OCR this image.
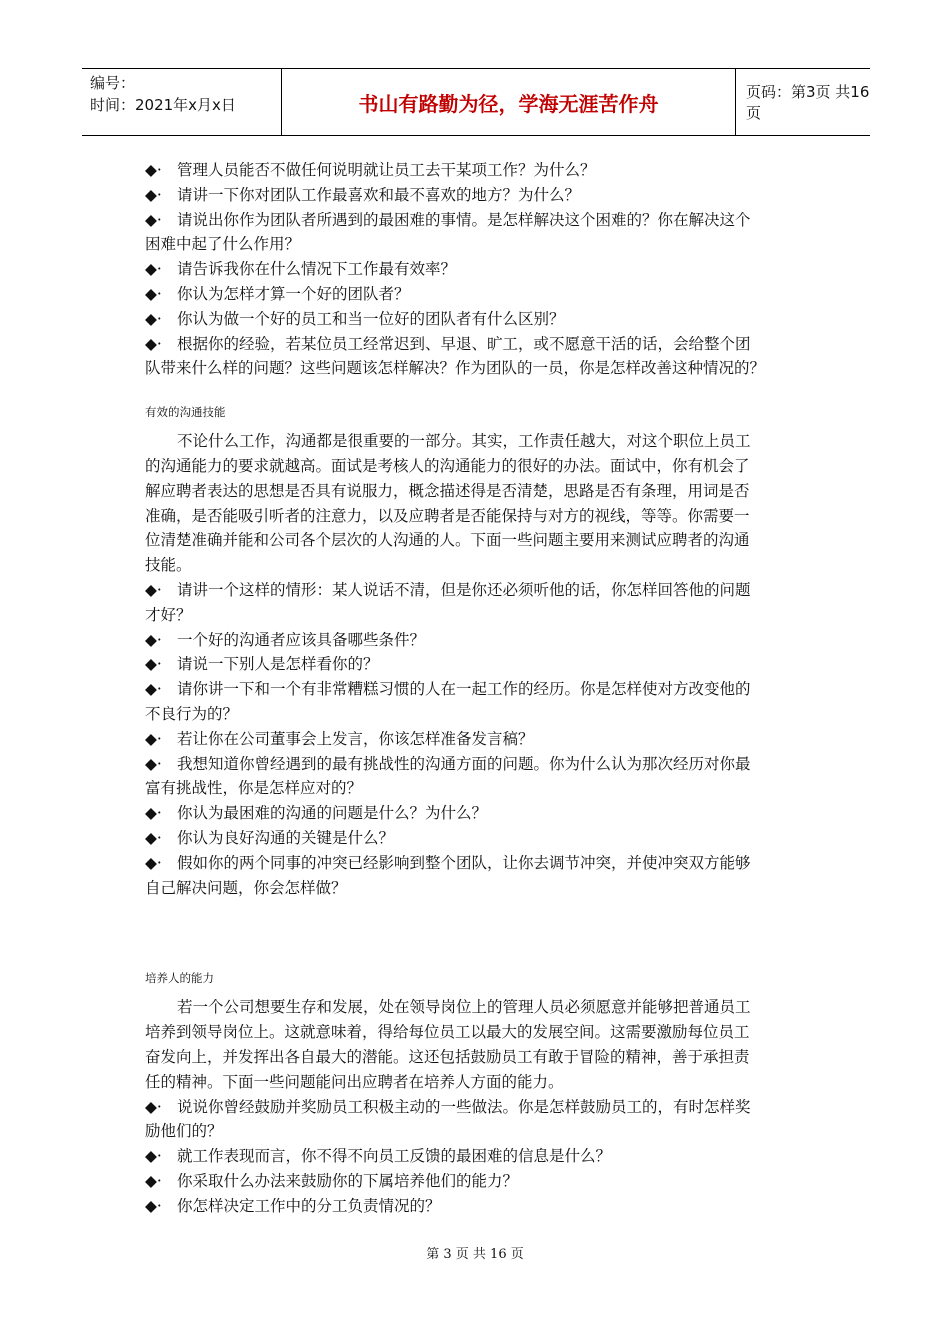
编号：
时间：2021年x月x日	书山有路勤为径，学海无涯苦作舟	页码：第3页 共16页
◆· 管理人员能否不做任何说明就让员工去干某项工作？为什么？
◆· 请讲一下你对团队工作最喜欢和最不喜欢的地方？为什么？
◆· 请说出你作为团队者所遇到的最困难的事情。是怎样解决这个困难的？你在解决这个
困难中起了什么作用？
◆· 请告诉我你在什么情况下工作最有效率？
◆· 你认为怎样才算一个好的团队者？
◆· 你认为做一个好的员工和当一位好的团队者有什么区别？
◆· 根据你的经验，若某位员工经常迟到、早退、旷工，或不愿意干活的话，会给整个团
队带来什么样的问题？这些问题该怎样解决？作为团队的一员，你是怎样改善这种情况的？
有效的沟通技能
不论什么工作，沟通都是很重要的一部分。其实，工作责任越大，对这个职位上员工
的沟通能力的要求就越高。面试是考核人的沟通能力的很好的办法。面试中，你有机会了
解应聘者表达的思想是否具有说服力，概念描述得是否清楚，思路是否有条理，用词是否
准确，是否能吸引听者的注意力，以及应聘者是否能保持与对方的视线，等等。你需要一
位清楚准确并能和公司各个层次的人沟通的人。下面一些问题主要用来测试应聘者的沟通
技能。
◆· 请讲一个这样的情形：某人说话不清，但是你还必须听他的话，你怎样回答他的问题
才好？
◆· 一个好的沟通者应该具备哪些条件？
◆· 请说一下别人是怎样看你的？
◆· 请你讲一下和一个有非常糟糕习惯的人在一起工作的经历。你是怎样使对方改变他的
不良行为的？
◆· 若让你在公司董事会上发言，你该怎样准备发言稿？
◆· 我想知道你曾经遇到的最有挑战性的沟通方面的问题。你为什么认为那次经历对你最
富有挑战性，你是怎样应对的？
◆· 你认为最困难的沟通的问题是什么？为什么？
◆· 你认为良好沟通的关键是什么？
◆· 假如你的两个同事的冲突已经影响到整个团队，让你去调节冲突，并使冲突双方能够
自己解决问题，你会怎样做？
培养人的能力
若一个公司想要生存和发展，处在领导岗位上的管理人员必须愿意并能够把普通员工
培养到领导岗位上。这就意味着，得给每位员工以最大的发展空间。这需要激励每位员工
奋发向上，并发挥出各自最大的潜能。这还包括鼓励员工有敢于冒险的精神，善于承担责
任的精神。下面一些问题能问出应聘者在培养人方面的能力。
◆· 说说你曾经鼓励并奖励员工积极主动的一些做法。你是怎样鼓励员工的，有时怎样奖
励他们的？
◆· 就工作表现而言，你不得不向员工反馈的最困难的信息是什么？
◆· 你采取什么办法来鼓励你的下属培养他们的能力？
◆· 你怎样决定工作中的分工负责情况的？
第 3 页 共 16 页
